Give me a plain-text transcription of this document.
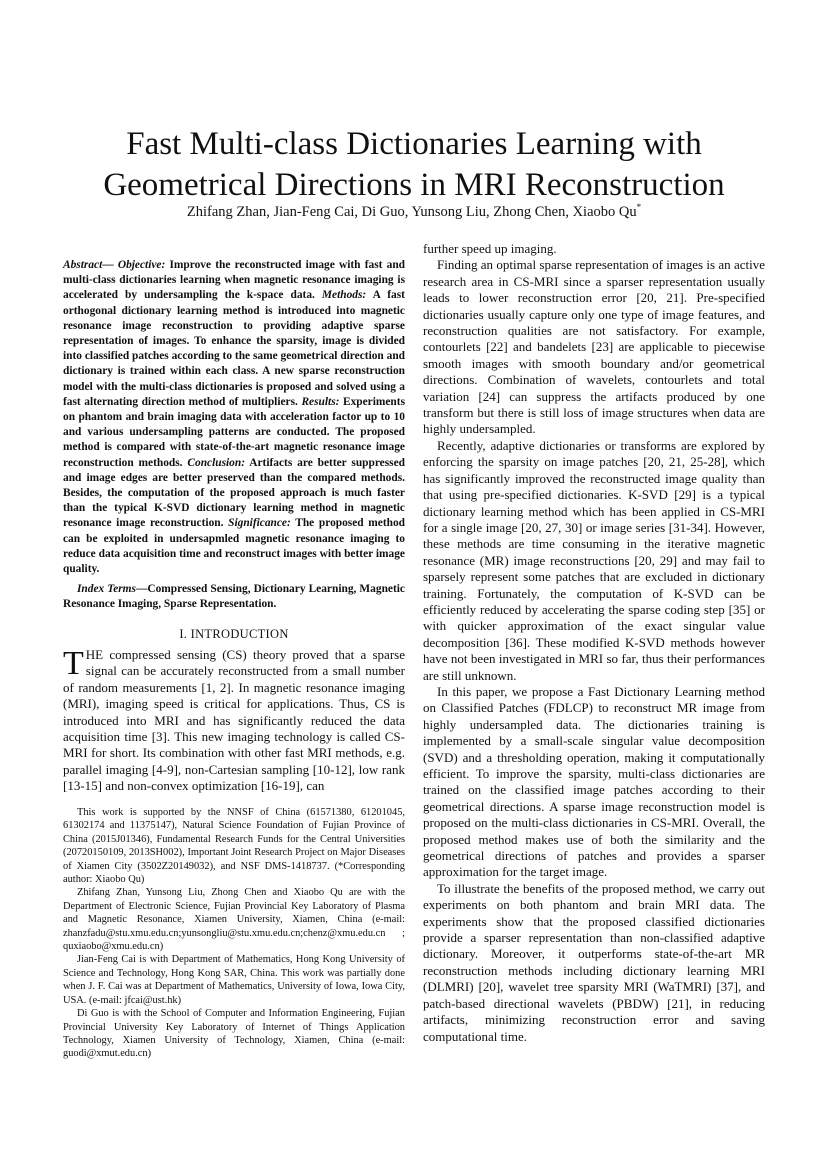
Fast Multi-class Dictionaries Learning with
Geometrical Directions in MRI Reconstruction
Zhifang Zhan, Jian-Feng Cai, Di Guo, Yunsong Liu, Zhong Chen, Xiaobo Qu*

Abstract— Objective: Improve the reconstructed image with fast and multi-class dictionaries learning when magnetic resonance imaging is accelerated by undersampling the k-space data. Methods: A fast orthogonal dictionary learning method is introduced into magnetic resonance image reconstruction to providing adaptive sparse representation of images. To enhance the sparsity, image is divided into classified patches according to the same geometrical direction and dictionary is trained within each class. A new sparse reconstruction model with the multi-class dictionaries is proposed and solved using a fast alternating direction method of multipliers. Results: Experiments on phantom and brain imaging data with acceleration factor up to 10 and various undersampling patterns are conducted. The proposed method is compared with state-of-the-art magnetic resonance image reconstruction methods. Conclusion: Artifacts are better suppressed and image edges are better preserved than the compared methods. Besides, the computation of the proposed approach is much faster than the typical K-SVD dictionary learning method in magnetic resonance image reconstruction. Significance: The proposed method can be exploited in undersapmled magnetic resonance imaging to reduce data acquisition time and reconstruct images with better image quality.

Index Terms—Compressed Sensing, Dictionary Learning, Magnetic Resonance Imaging, Sparse Representation.
I. INTRODUCTION
THE compressed sensing (CS) theory proved that a sparse signal can be accurately reconstructed from a small number of random measurements [1, 2]. In magnetic resonance imaging (MRI), imaging speed is critical for applications. Thus, CS is introduced into MRI and has significantly reduced the data acquisition time [3]. This new imaging technology is called CS-MRI for short. Its combination with other fast MRI methods, e.g. parallel imaging [4-9], non-Cartesian sampling [10-12], low rank [13-15] and non-convex optimization [16-19], can

This work is supported by the NNSF of China (61571380, 61201045, 61302174 and 11375147), Natural Science Foundation of Fujian Province of China (2015J01346), Fundamental Research Funds for the Central Universities (20720150109, 2013SH002), Important Joint Research Project on Major Diseases of Xiamen City (3502Z20149032), and NSF DMS-1418737. (*Corresponding author: Xiaobo Qu)

Zhifang Zhan, Yunsong Liu, Zhong Chen and Xiaobo Qu are with the Department of Electronic Science, Fujian Provincial Key Laboratory of Plasma and Magnetic Resonance, Xiamen University, Xiamen, China (e-mail: zhanzfadu@stu.xmu.edu.cn;yunsongliu@stu.xmu.edu.cn;chenz@xmu.edu.cn ; quxiaobo@xmu.edu.cn)

Jian-Feng Cai is with Department of Mathematics, Hong Kong University of Science and Technology, Hong Kong SAR, China. This work was partially done when J. F. Cai was at Department of Mathematics, University of Iowa, Iowa City, USA. (e-mail: jfcai@ust.hk)

Di Guo is with the School of Computer and Information Engineering, Fujian Provincial University Key Laboratory of Internet of Things Application Technology, Xiamen University of Technology, Xiamen, China (e-mail: guodi@xmut.edu.cn)

further speed up imaging.

Finding an optimal sparse representation of images is an active research area in CS-MRI since a sparser representation usually leads to lower reconstruction error [20, 21]. Pre-specified dictionaries usually capture only one type of image features, and reconstruction qualities are not satisfactory. For example, contourlets [22] and bandelets [23] are applicable to piecewise smooth images with smooth boundary and/or geometrical directions. Combination of wavelets, contourlets and total variation [24] can suppress the artifacts produced by one transform but there is still loss of image structures when data are highly undersampled.

Recently, adaptive dictionaries or transforms are explored by enforcing the sparsity on image patches [20, 21, 25-28], which has significantly improved the reconstructed image quality than that using pre-specified dictionaries. K-SVD [29] is a typical dictionary learning method which has been applied in CS-MRI for a single image [20, 27, 30] or image series [31-34]. However, these methods are time consuming in the iterative magnetic resonance (MR) image reconstructions [20, 29] and may fail to sparsely represent some patches that are excluded in dictionary training. Fortunately, the computation of K-SVD can be efficiently reduced by accelerating the sparse coding step [35] or with quicker approximation of the exact singular value decomposition [36]. These modified K-SVD methods however have not been investigated in MRI so far, thus their performances are still unknown.

In this paper, we propose a Fast Dictionary Learning method on Classified Patches (FDLCP) to reconstruct MR image from highly undersampled data. The dictionaries training is implemented by a small-scale singular value decomposition (SVD) and a thresholding operation, making it computationally efficient. To improve the sparsity, multi-class dictionaries are trained on the classified image patches according to their geometrical directions. A sparse image reconstruction model is proposed on the multi-class dictionaries in CS-MRI. Overall, the proposed method makes use of both the similarity and the geometrical directions of patches and provides a sparser approximation for the target image.

To illustrate the benefits of the proposed method, we carry out experiments on both phantom and brain MRI data. The experiments show that the proposed classified dictionaries provide a sparser representation than non-classified adaptive dictionary. Moreover, it outperforms state-of-the-art MR reconstruction methods including dictionary learning MRI (DLMRI) [20], wavelet tree sparsity MRI (WaTMRI) [37], and patch-based directional wavelets (PBDW) [21], in reducing artifacts, minimizing reconstruction error and saving computational time.
